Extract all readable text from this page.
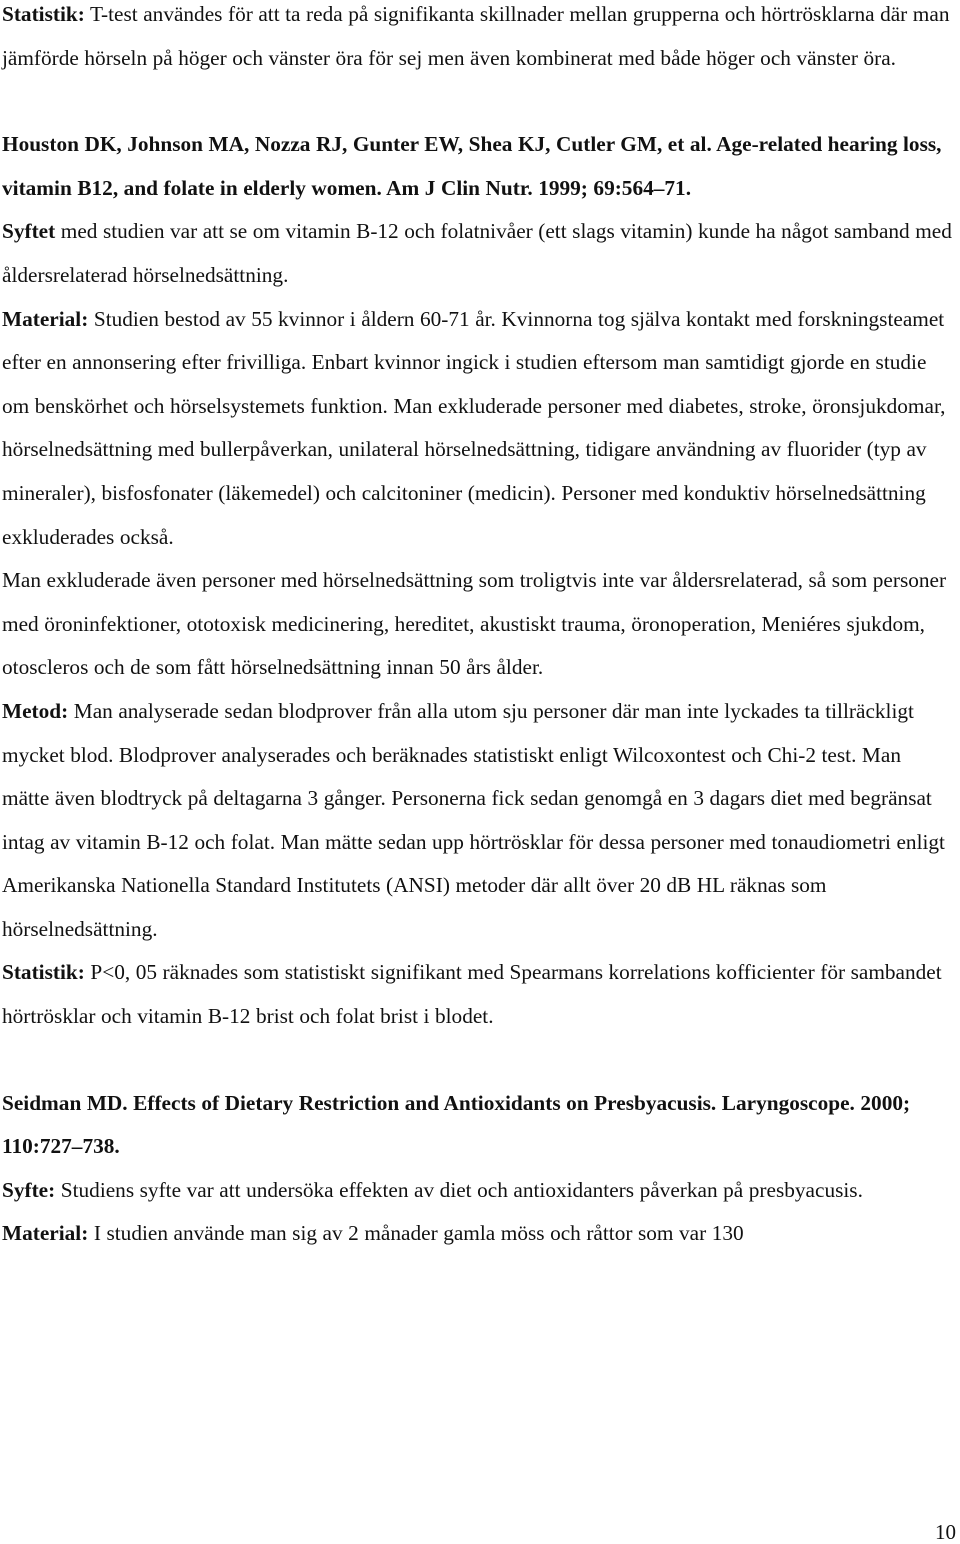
Statistik: T-test användes för att ta reda på signifikanta skillnader mellan grupperna och hörtrösklarna där man jämförde hörseln på höger och vänster öra för sej men även kombinerat med både höger och vänster öra.

Houston DK, Johnson MA, Nozza RJ, Gunter EW, Shea KJ, Cutler GM, et al. Age-related hearing loss, vitamin B12, and folate in elderly women. Am J Clin Nutr. 1999; 69:564–71.

Syftet med studien var att se om vitamin B-12 och folatnivåer (ett slags vitamin) kunde ha något samband med åldersrelaterad hörselnedsättning.

Material: Studien bestod av 55 kvinnor i åldern 60-71 år. Kvinnorna tog själva kontakt med forskningsteamet efter en annonsering efter frivilliga. Enbart kvinnor ingick i studien eftersom man samtidigt gjorde en studie om benskörhet och hörselsystemets funktion. Man exkluderade personer med diabetes, stroke, öronsjukdomar, hörselnedsättning med bullerpåverkan, unilateral hörselnedsättning, tidigare användning av fluorider (typ av mineraler), bisfosfonater (läkemedel) och calcitoniner (medicin). Personer med konduktiv hörselnedsättning exkluderades också.

Man exkluderade även personer med hörselnedsättning som troligtvis inte var åldersrelaterad, så som personer med öroninfektioner, ototoxisk medicinering, hereditet, akustiskt trauma, öronoperation, Meniéres sjukdom, otoscleros och de som fått hörselnedsättning innan 50 års ålder.

Metod: Man analyserade sedan blodprover från alla utom sju personer där man inte lyckades ta tillräckligt mycket blod. Blodprover analyserades och beräknades statistiskt enligt Wilcoxontest och Chi-2 test. Man mätte även blodtryck på deltagarna 3 gånger. Personerna fick sedan genomgå en 3 dagars diet med begränsat intag av vitamin B-12 och folat. Man mätte sedan upp hörtrösklar för dessa personer med tonaudiometri enligt Amerikanska Nationella Standard Institutets (ANSI) metoder där allt över 20 dB HL räknas som hörselnedsättning.

Statistik: P<0, 05 räknades som statistiskt signifikant med Spearmans korrelations kofficienter för sambandet hörtrösklar och vitamin B-12 brist och folat brist i blodet.

Seidman MD. Effects of Dietary Restriction and Antioxidants on Presbyacusis. Laryngoscope. 2000; 110:727–738.

Syfte: Studiens syfte var att undersöka effekten av diet och antioxidanters påverkan på presbyacusis.

Material: I studien använde man sig av 2 månader gamla möss och råttor som var 130

10
